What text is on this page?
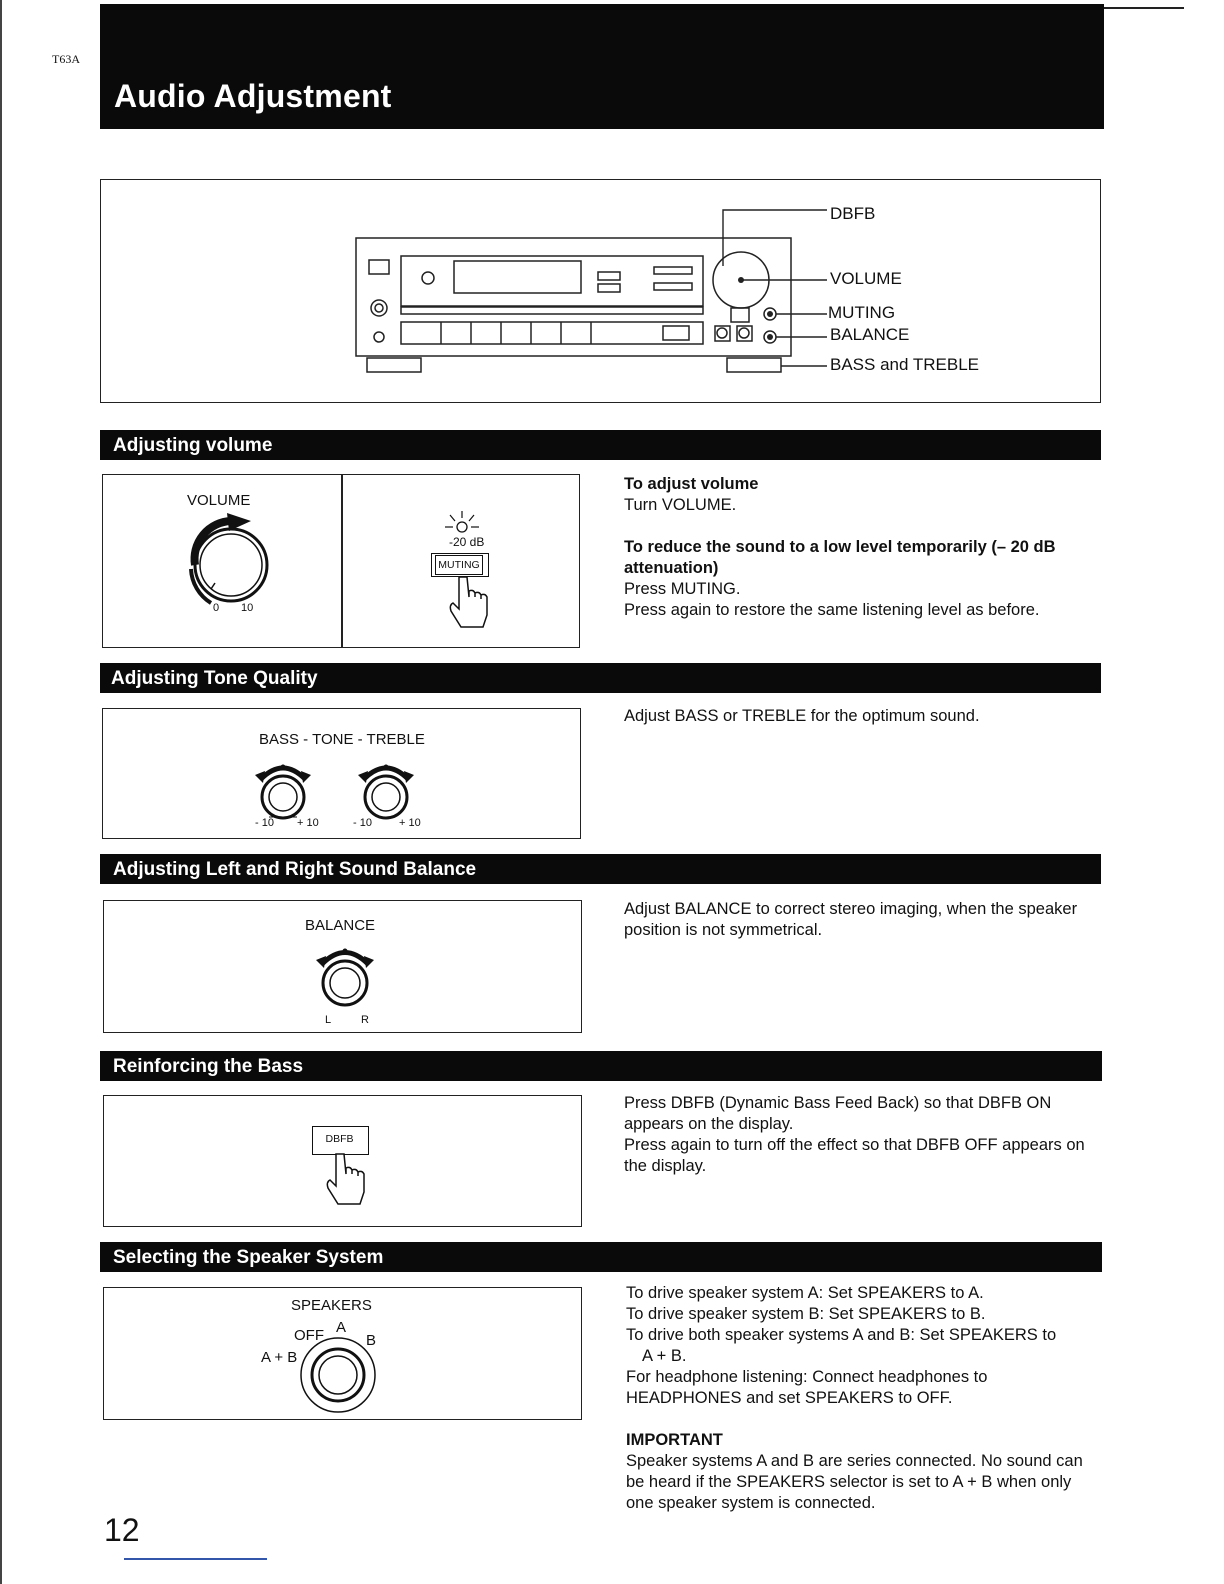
T63A
Audio Adjustment
DBFB
VOLUME
MUTING
BALANCE
BASS and TREBLE
Adjusting volume
VOLUME
0 10
-20 dB
MUTING

To adjust volume

Turn VOLUME.

To reduce the sound to a low level temporarily (– 20 dB attenuation)

Press MUTING.

Press again to restore the same listening level as before.

Adjusting Tone Quality
BASS - TONE - TREBLE
- 10 + 10	- 10 + 10

Adjust BASS or TREBLE for the optimum sound.

Adjusting Left and Right Sound Balance
BALANCE
L	R

Adjust BALANCE to correct stereo imaging, when the speaker position is not symmetrical.

Reinforcing the Bass
DBFB

Press DBFB (Dynamic Bass Feed Back) so that DBFB ON appears on the display.

Press again to turn off the effect so that DBFB OFF appears on the display.

Selecting the Speaker System
SPEAKERS
OFF A
B
A + B

To drive speaker system A: Set SPEAKERS to A.

To drive speaker system B: Set SPEAKERS to B.

To drive both speaker systems A and B: Set SPEAKERS to

A + B.

For headphone listening: Connect headphones to

HEADPHONES and set SPEAKERS to OFF.

IMPORTANT

Speaker systems A and B are series connected. No sound can be heard if the SPEAKERS selector is set to A + B when only one speaker system is connected.

12
